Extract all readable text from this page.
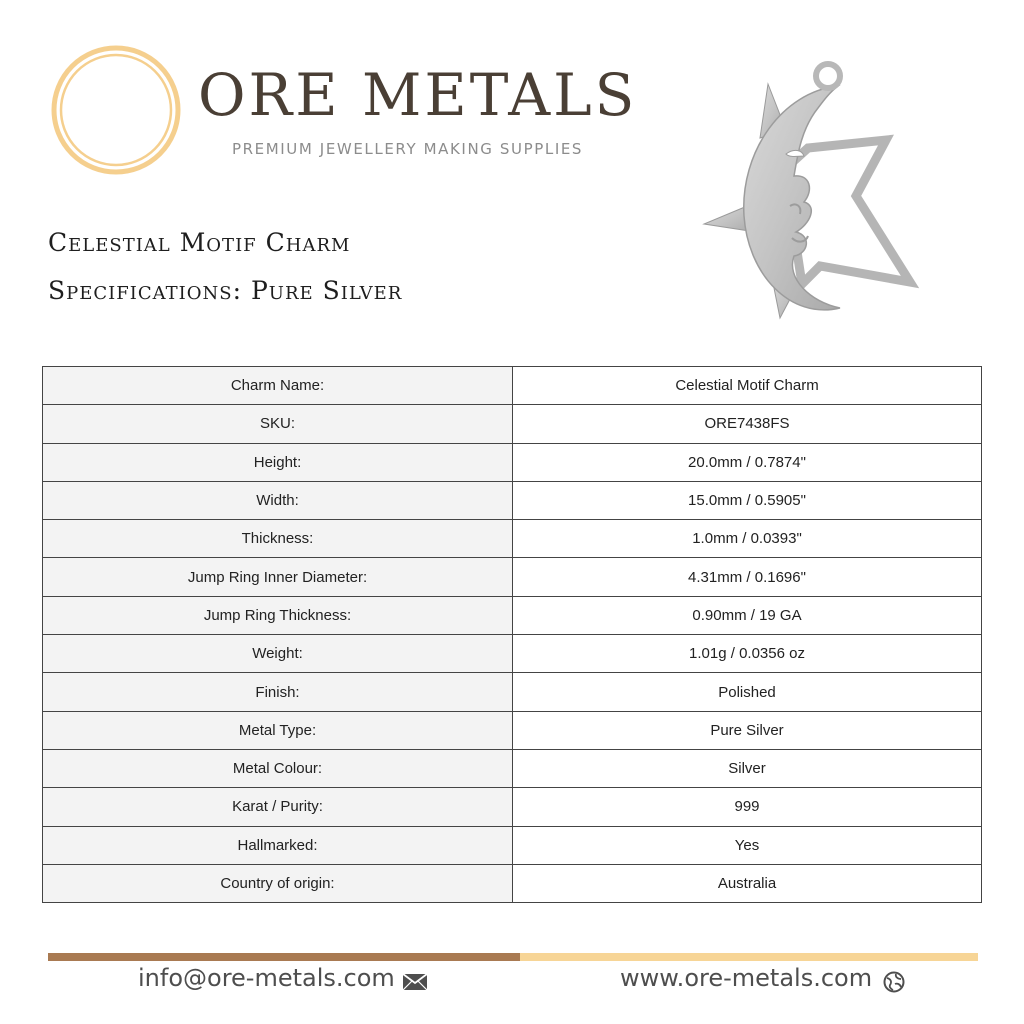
ORE METALS
PREMIUM JEWELLERY MAKING SUPPLIES
Celestial Motif Charm
Specifications: Pure Silver
Charm Name:	Celestial Motif Charm
SKU:	ORE7438FS
Height:	20.0mm / 0.7874"
Width:	15.0mm / 0.5905"
Thickness:	1.0mm / 0.0393"
Jump Ring Inner Diameter:	4.31mm / 0.1696"
Jump Ring Thickness:	0.90mm / 19 GA
Weight:	1.01g / 0.0356 oz
Finish:	Polished
Metal Type:	Pure Silver
Metal Colour:	Silver
Karat / Purity:	999
Hallmarked:	Yes
Country of origin:	Australia
info@ore-metals.com	www.ore-metals.com
